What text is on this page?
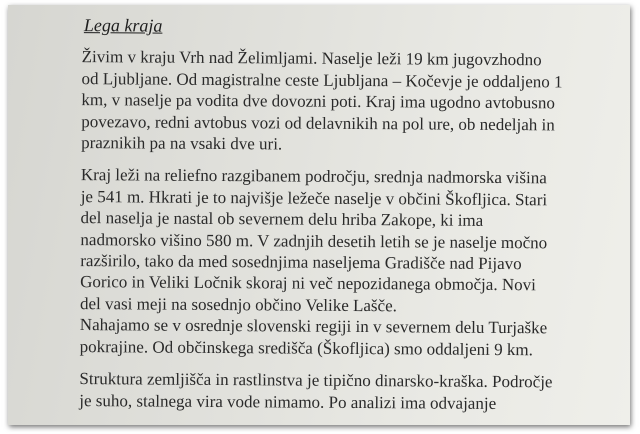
Lega kraja
Živim v kraju Vrh nad Želimljami. Naselje leži 19 km jugovzhodno
od Ljubljane. Od magistralne ceste Ljubljana – Kočevje je oddaljeno 1
km, v naselje pa vodita dve dovozni poti. Kraj ima ugodno avtobusno
povezavo, redni avtobus vozi od delavnikih na pol ure, ob nedeljah in
praznikih pa na vsaki dve uri.
Kraj leži na reliefno razgibanem področju, srednja nadmorska višina
je 541 m. Hkrati je to najvišje ležeče naselje v občini Škofljica. Stari
del naselja je nastal ob severnem delu hriba Zakope, ki ima
nadmorsko višino 580 m. V zadnjih desetih letih se je naselje močno
razširilo, tako da med sosednjima naseljema Gradišče nad Pijavo
Gorico in Veliki Ločnik skoraj ni več nepozidanega območja. Novi
del vasi meji na sosednjo občino Velike Lašče.
Nahajamo se v osrednje slovenski regiji in v severnem delu Turjaške
pokrajine. Od občinskega središča (Škofljica) smo oddaljeni 9 km.
Struktura zemljišča in rastlinstva je tipično dinarsko-kraška. Področje
je suho, stalnega vira vode nimamo. Po analizi ima odvajanje
